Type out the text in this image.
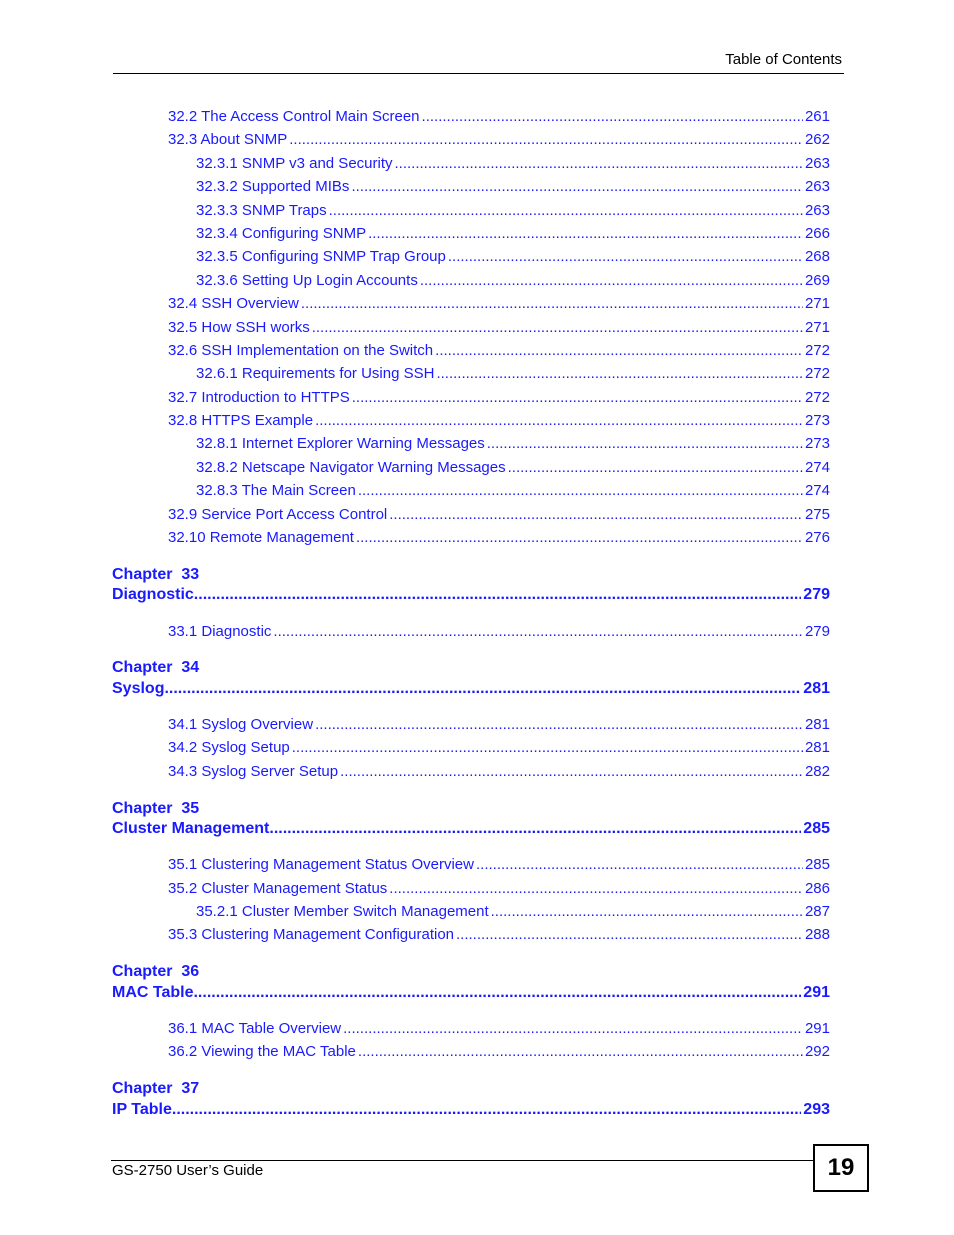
Table of Contents
32.2 The Access Control Main Screen .....	261
32.3 About SNMP .....	262
32.3.1 SNMP v3 and Security .....	263
32.3.2 Supported MIBs .....	263
32.3.3 SNMP Traps .....	263
32.3.4 Configuring SNMP .....	266
32.3.5 Configuring SNMP Trap Group .....	268
32.3.6 Setting Up Login Accounts .....	269
32.4 SSH Overview .....	271
32.5 How SSH works .....	271
32.6 SSH Implementation on the Switch .....	272
32.6.1 Requirements for Using SSH .....	272
32.7 Introduction to HTTPS .....	272
32.8 HTTPS Example .....	273
32.8.1 Internet Explorer Warning Messages .....	273
32.8.2 Netscape Navigator Warning Messages .....	274
32.8.3 The Main Screen .....	274
32.9 Service Port Access Control .....	275
32.10 Remote Management .....	276
Chapter  33
Diagnostic .....	279
33.1 Diagnostic .....	279
Chapter  34
Syslog .....	281
34.1 Syslog Overview .....	281
34.2 Syslog Setup .....	281
34.3 Syslog Server Setup .....	282
Chapter  35
Cluster Management .....	285
35.1 Clustering Management Status Overview .....	285
35.2 Cluster Management Status .....	286
35.2.1 Cluster Member Switch Management .....	287
35.3 Clustering Management Configuration .....	288
Chapter  36
MAC Table .....	291
36.1 MAC Table Overview .....	291
36.2 Viewing the MAC Table .....	292
Chapter  37
IP Table .....	293
GS-2750 User’s Guide	19
